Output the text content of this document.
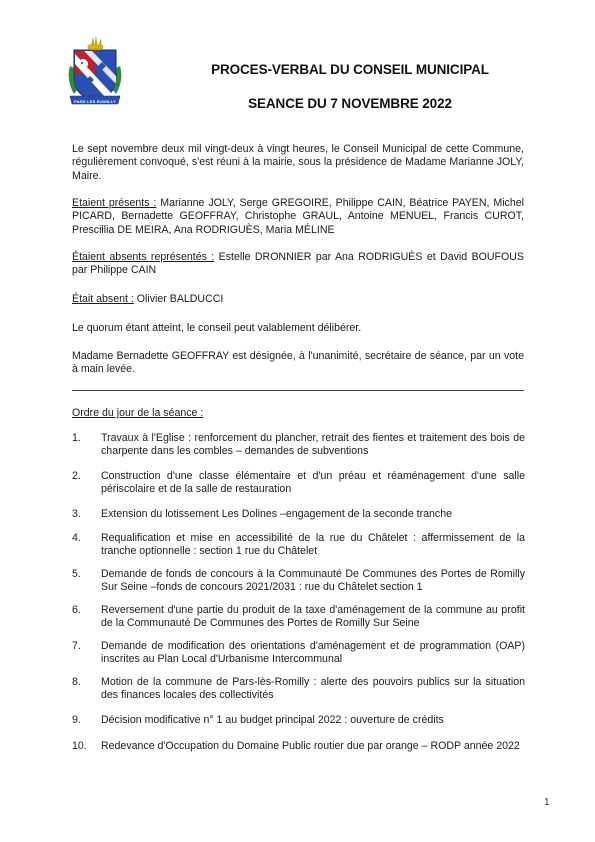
PARS LES ROMILLY
PROCES-VERBAL DU CONSEIL MUNICIPAL
SEANCE DU 7 NOVEMBRE 2022
Le sept novembre deux mil vingt-deux à vingt heures, le Conseil Municipal de cette Commune, régulièrement convoqué, s'est réuni à la mairie, sous la présidence de Madame Marianne JOLY, Maire.
Etaient présents : Marianne JOLY, Serge GREGOIRE, Philippe CAIN, Béatrice PAYEN, Michel PICARD, Bernadette GEOFFRAY, Christophe GRAUL, Antoine MENUEL, Francis CUROT, Prescillia DE MEIRA, Ana RODRIGUÈS, Maria MÉLINE
Étaient absents représentés : Estelle DRONNIER par Ana RODRIGUÈS et David BOUFOUS par Philippe CAIN
Était absent : Olivier BALDUCCI
Le quorum étant atteint, le conseil peut valablement délibérer.
Madame Bernadette GEOFFRAY est désignée, à l'unanimité, secrétaire de séance, par un vote à main levée.
Ordre du jour de la séance :
1.	Travaux à l'Eglise : renforcement du plancher, retrait des fientes et traitement des bois de charpente dans les combles – demandes de subventions
2.	Construction d'une classe élémentaire et d'un préau et réaménagement d'une salle périscolaire et de la salle de restauration
3.	Extension du lotissement Les Dolines –engagement de la seconde tranche
4.	Requalification et mise en accessibilité de la rue du Châtelet : affermissement de la tranche optionnelle : section 1 rue du Châtelet
5.	Demande de fonds de concours à la Communauté De Communes des Portes de Romilly Sur Seine –fonds de concours 2021/2031 : rue du Châtelet section 1
6.	Reversement d'une partie du produit de la taxe d'aménagement de la commune au profit de la Communauté De Communes des Portes de Romilly Sur Seine
7.	Demande de modification des orientations d'aménagement et de programmation (OAP) inscrites au Plan Local d'Urbanisme Intercommunal
8.	Motion de la commune de Pars-lès-Romilly : alerte des pouvoirs publics sur la situation des finances locales des collectivités
9.	Décision modificative n° 1 au budget principal 2022 : ouverture de crédits
10.	Redevance d'Occupation du Domaine Public routier due par orange – RODP année 2022
1
